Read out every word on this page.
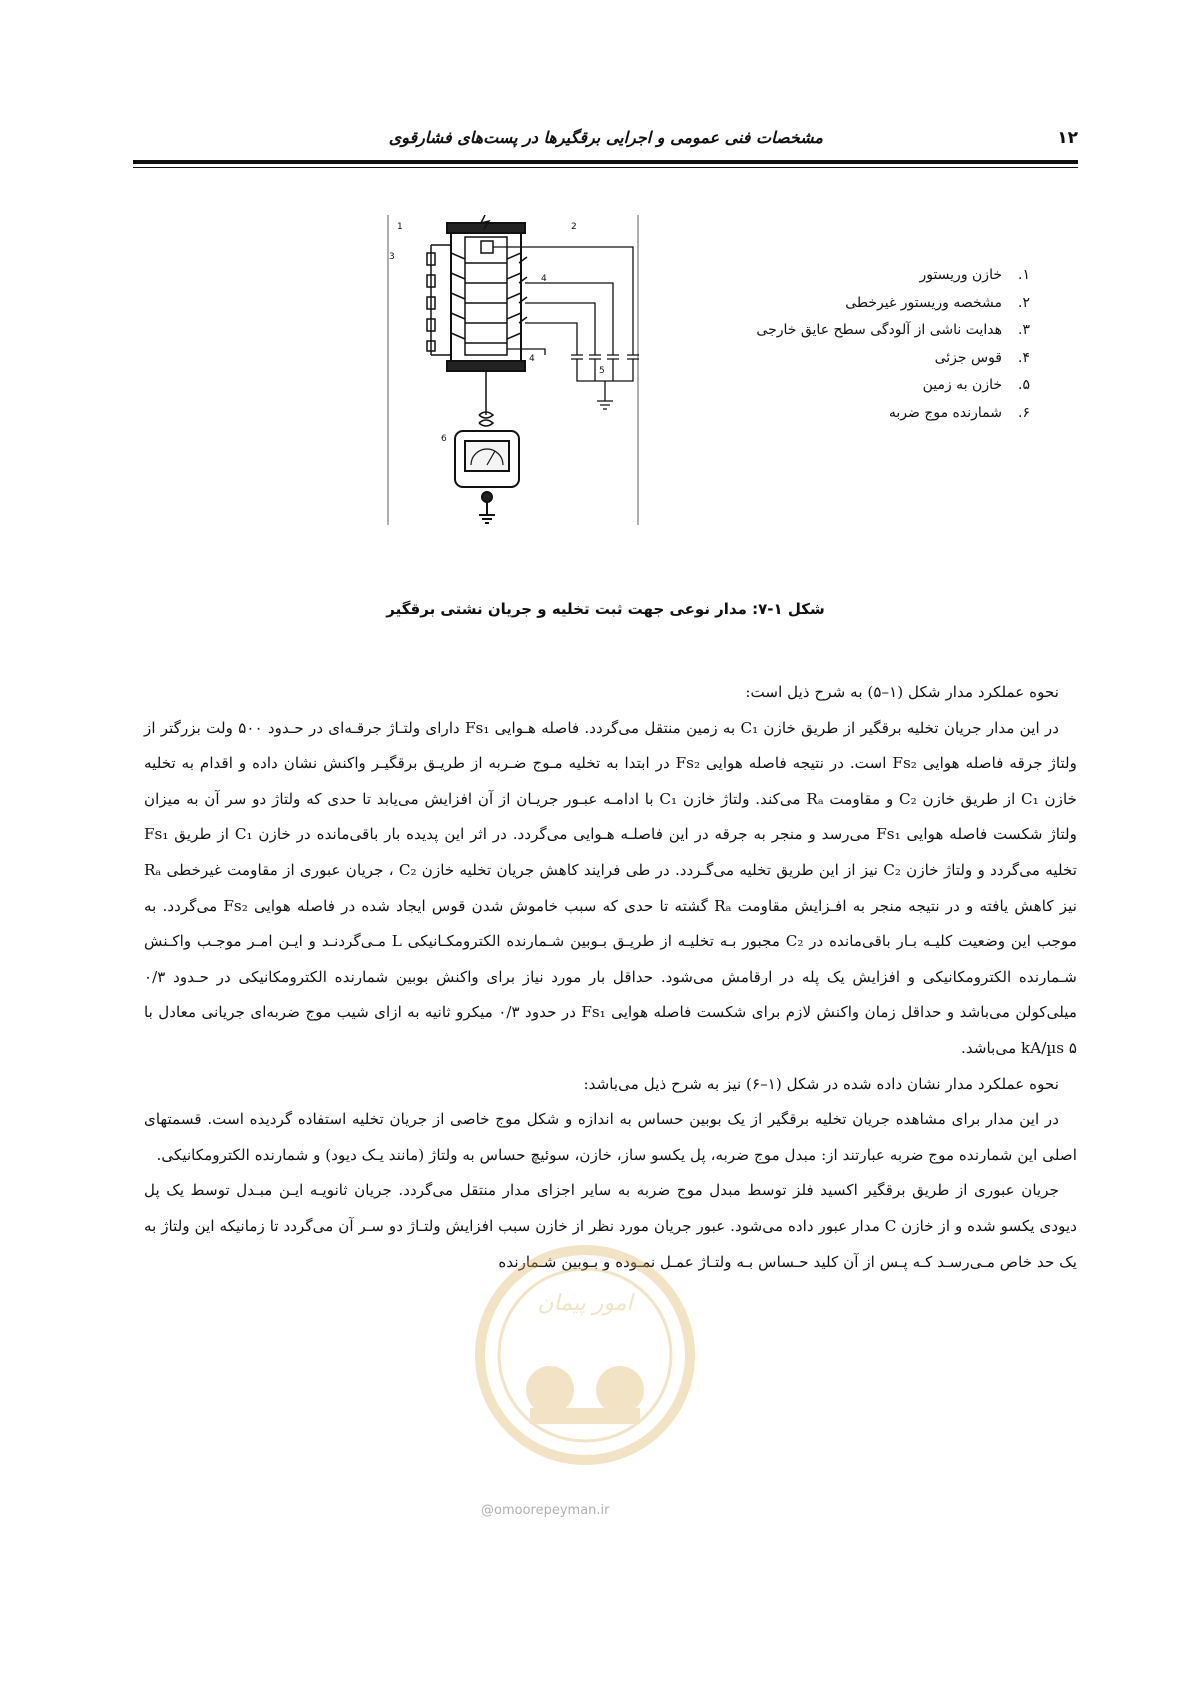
مشخصات فنی عمومی و اجرایی برقگیرها در پست‌های فشارقوی	۱۲
1	2
3
4
4
5
6
۱.
خازن وریستور
۲.
مشخصه وریستور غیرخطی
۳.
هدایت ناشی از آلودگی سطح عایق خارجی
۴.
قوس جزئی
۵.
خازن به زمین
۶.
شمارنده موج ضربه
شکل ۱-۷: مدار نوعی جهت ثبت تخلیه و جریان نشتی برقگیر

نحوه عملکرد مدار شکل (۱–۵) به شرح ذیل است:

در این مدار جریان تخلیه برقگیر از طریق خازن C₁ به زمین منتقل می‌گردد. فاصله هـوایی Fs₁ دارای ولتـاژ جرقـه‌ای در حـدود ۵۰۰ ولت بزرگتر از ولتاژ جرقه فاصله هوایی Fs₂ است. در نتیجه فاصله هوایی Fs₂ در ابتدا به تخلیه مـوج ضـربه از طریـق برقگیـر واکنش نشان داده و اقدام به تخلیه خازن C₁ از طریق خازن C₂ و مقاومت Rₐ می‌کند. ولتاژ خازن C₁ با ادامـه عبـور جریـان از آن افزایش می‌یابد تا حدی که ولتاژ دو سر آن به میزان ولتاژ شکست فاصله هوایی Fs₁ می‌رسد و منجر به جرقه در این فاصلـه هـوایی می‌گردد. در اثر این پدیده بار باقی‌مانده در خازن C₁ از طریق Fs₁ تخلیه می‌گردد و ولتاژ خازن C₂ نیز از این طریق تخلیه می‌گـردد. در طی فرایند کاهش جریان تخلیه خازن C₂ ، جریان عبوری از مقاومت غیرخطی Rₐ نیز کاهش یافته و در نتیجه منجر به افـزایش مقاومت Rₐ گشته تا حدی که سبب خاموش شدن قوس ایجاد شده در فاصله هوایی Fs₂ می‌گردد. به موجب این وضعیت کلیـه بـار باقی‌مانده در C₂ مجبور بـه تخلیـه از طریـق بـوبین شـمارنده الکترومکـانیکی L مـی‌گردنـد و ایـن امـر موجـب واکـنش شـمارنده الکترومکانیکی و افزایش یک پله در ارقامش می‌شود. حداقل بار مورد نیاز برای واکنش بوبین شمارنده الکترومکانیکی در حـدود ۰/۳ میلی‌کولن می‌باشد و حداقل زمان واکنش لازم برای شکست فاصله هوایی Fs₁ در حدود ۰/۳ میکرو ثانیه به ازای شیب موج ضربه‌ای جریانی معادل با ۵ kA/µs می‌باشد.

نحوه عملکرد مدار نشان داده شده در شکل (۱–۶) نیز به شرح ذیل می‌باشد:

در این مدار برای مشاهده جریان تخلیه برقگیر از یک بوبین حساس به اندازه و شکل موج خاصی از جریان تخلیه استفاده گردیده است. قسمتهای اصلی این شمارنده موج ضربه عبارتند از: مبدل موج ضربه، پل یکسو ساز، خازن، سوئیچ حساس به ولتاژ (مانند یـک دیود) و شمارنده الکترومکانیکی.

جریان عبوری از طریق برقگیر اکسید فلز توسط مبدل موج ضربه به سایر اجزای مدار منتقل می‌گردد. جریان ثانویـه ایـن مبـدل توسط یک پل دیودی یکسو شده و از خازن C مدار عبور داده می‌شود. عبور جریان مورد نظر از خازن سبب افزایش ولتـاژ دو سـر آن می‌گردد تا زمانیکه این ولتاژ به یک حد خاص مـی‌رسـد کـه پـس از آن کلید حـساس بـه ولتـاژ عمـل نمـوده و بـوبین شـمارنده

امور پیمان
@omoorepeyman.ir
